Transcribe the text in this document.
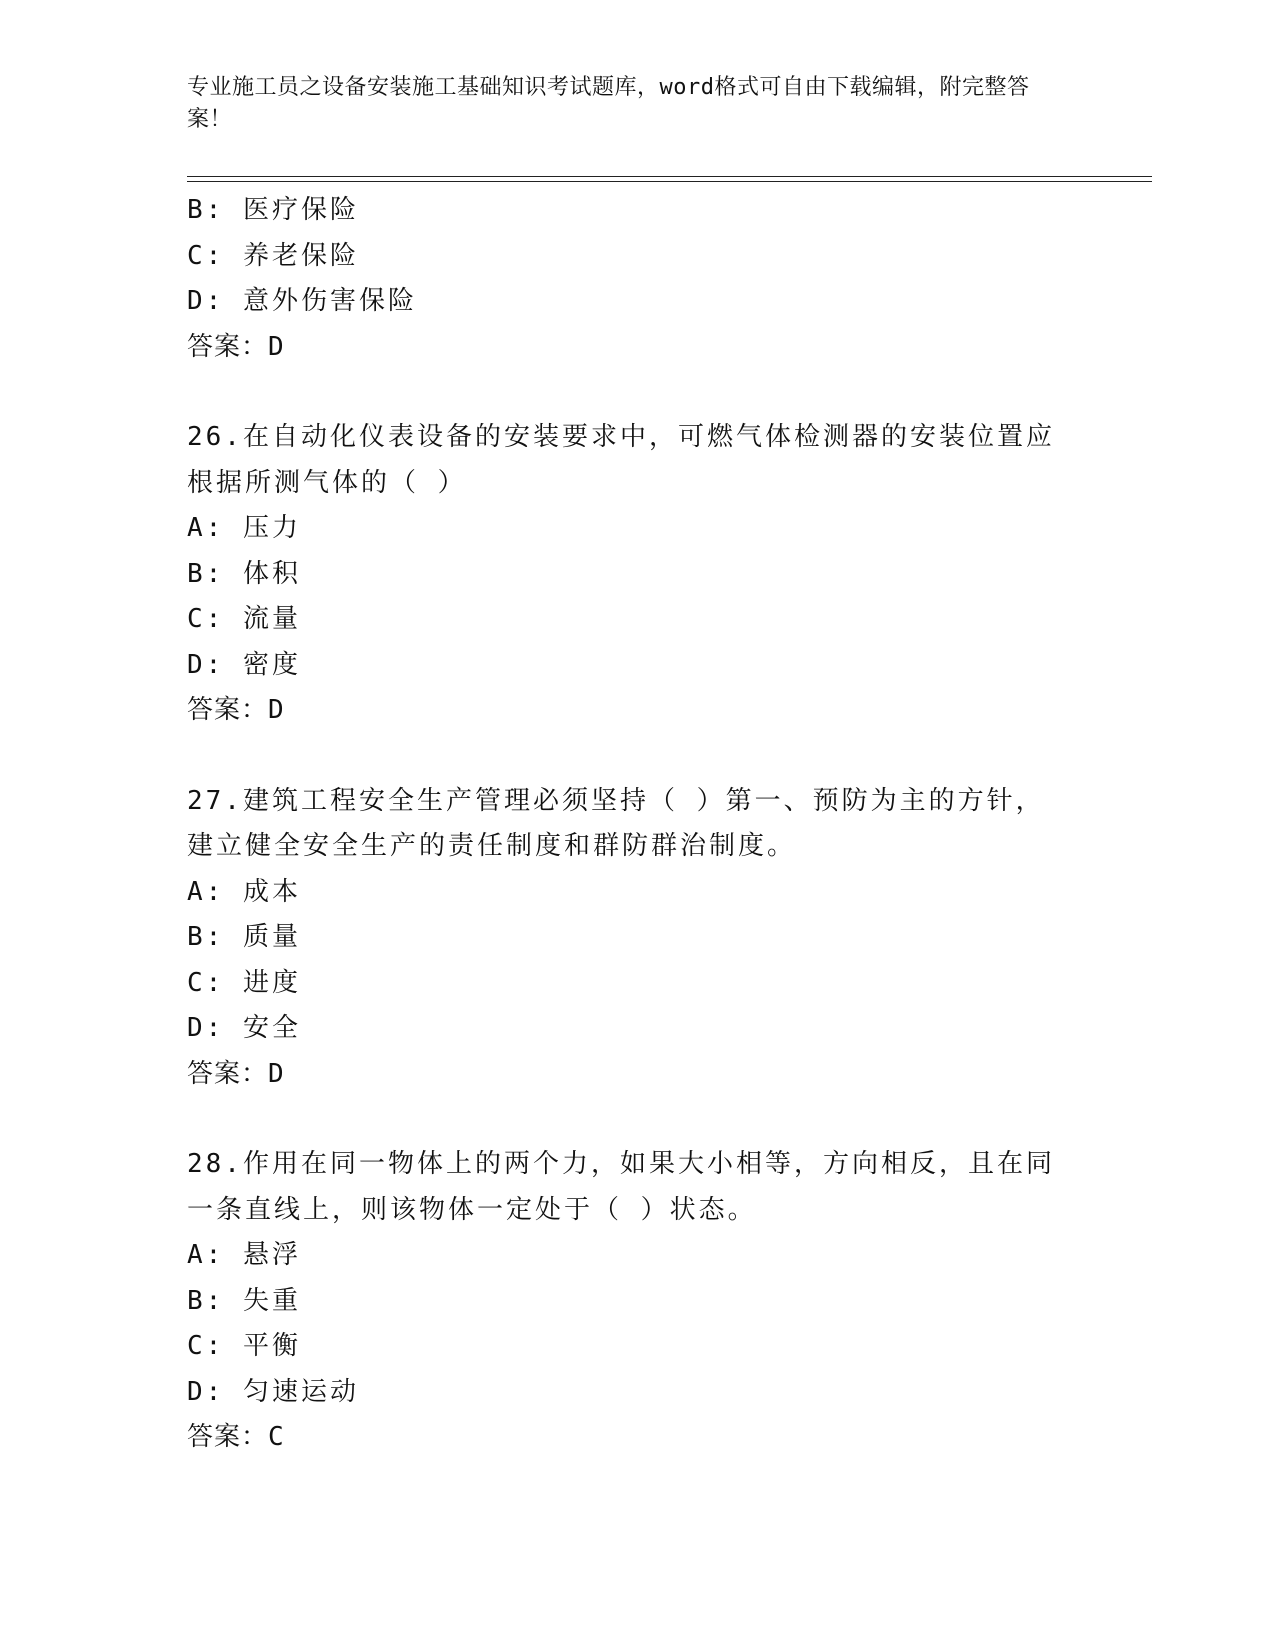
专业施工员之设备安装施工基础知识考试题库，word格式可自由下载编辑，附完整答案！
B: 医疗保险
C: 养老保险
D: 意外伤害保险
答案：D
26.在自动化仪表设备的安装要求中，可燃气体检测器的安装位置应根据所测气体的（ ）
A: 压力
B: 体积
C: 流量
D: 密度
答案：D
27.建筑工程安全生产管理必须坚持（ ）第一、预防为主的方针，建立健全安全生产的责任制度和群防群治制度。
A: 成本
B: 质量
C: 进度
D: 安全
答案：D
28.作用在同一物体上的两个力，如果大小相等，方向相反，且在同一条直线上，则该物体一定处于（ ）状态。
A: 悬浮
B: 失重
C: 平衡
D: 匀速运动
答案：C
